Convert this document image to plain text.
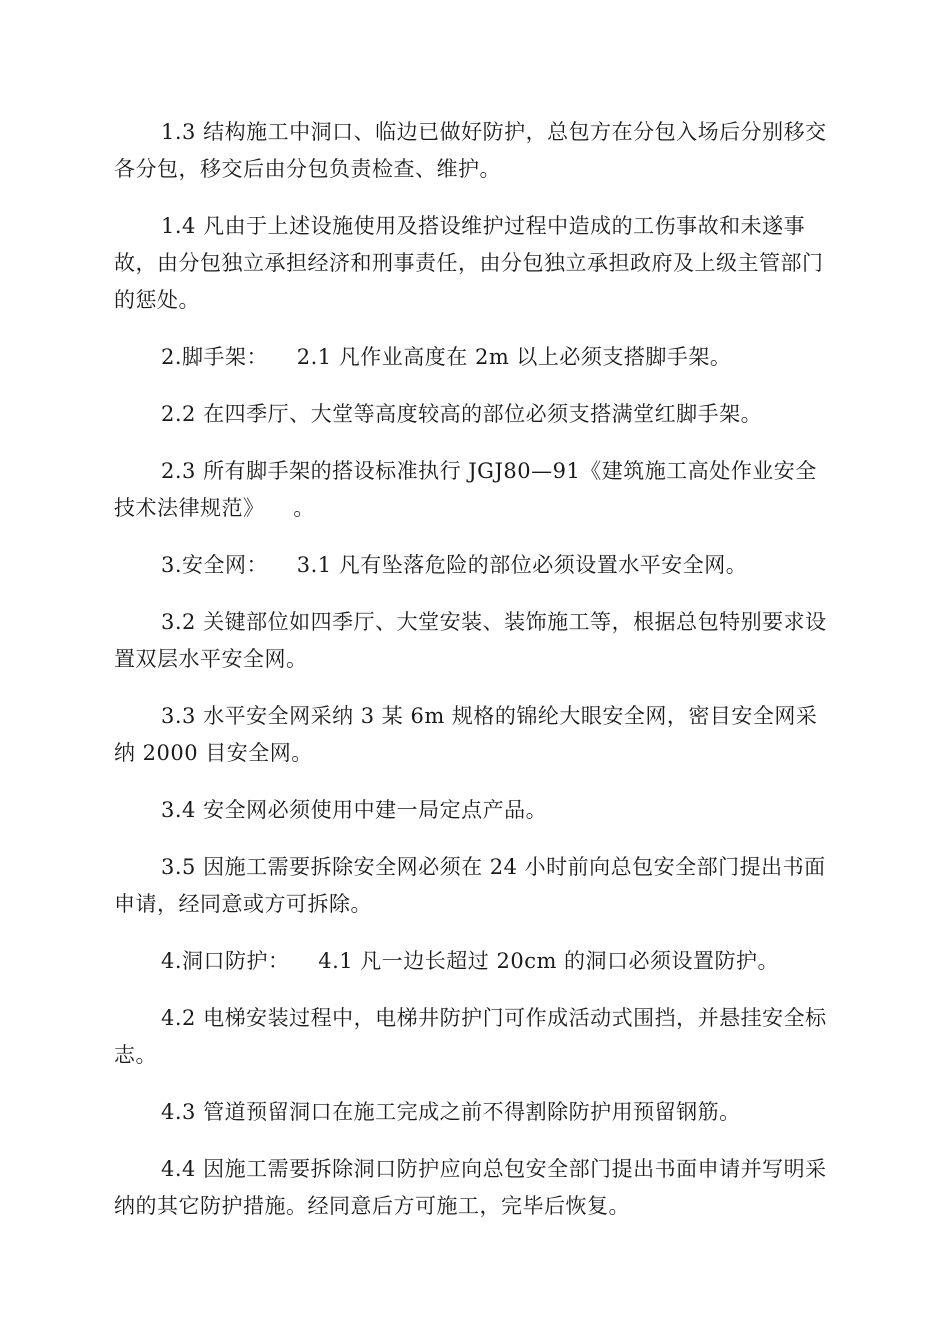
1.3 结构施工中洞口、临边已做好防护，总包方在分包入场后分别移交各分包，移交后由分包负责检查、维护。

1.4 凡由于上述设施使用及搭设维护过程中造成的工伤事故和未遂事故，由分包独立承担经济和刑事责任，由分包独立承担政府及上级主管部门的惩处。

2.脚手架：    2.1 凡作业高度在 2m 以上必须支搭脚手架。

2.2 在四季厅、大堂等高度较高的部位必须支搭满堂红脚手架。

2.3 所有脚手架的搭设标准执行 JGJ80—91《建筑施工高处作业安全技术法律规范》    。

3.安全网：    3.1 凡有坠落危险的部位必须设置水平安全网。

3.2 关键部位如四季厅、大堂安装、装饰施工等，根据总包特别要求设置双层水平安全网。

3.3 水平安全网采纳 3 某 6m 规格的锦纶大眼安全网，密目安全网采纳 2000 目安全网。

3.4 安全网必须使用中建一局定点产品。

3.5 因施工需要拆除安全网必须在 24 小时前向总包安全部门提出书面申请，经同意或方可拆除。

4.洞口防护：    4.1 凡一边长超过 20cm 的洞口必须设置防护。

4.2 电梯安装过程中，电梯井防护门可作成活动式围挡，并悬挂安全标志。

4.3 管道预留洞口在施工完成之前不得割除防护用预留钢筋。

4.4 因施工需要拆除洞口防护应向总包安全部门提出书面申请并写明采纳的其它防护措施。经同意后方可施工，完毕后恢复。
